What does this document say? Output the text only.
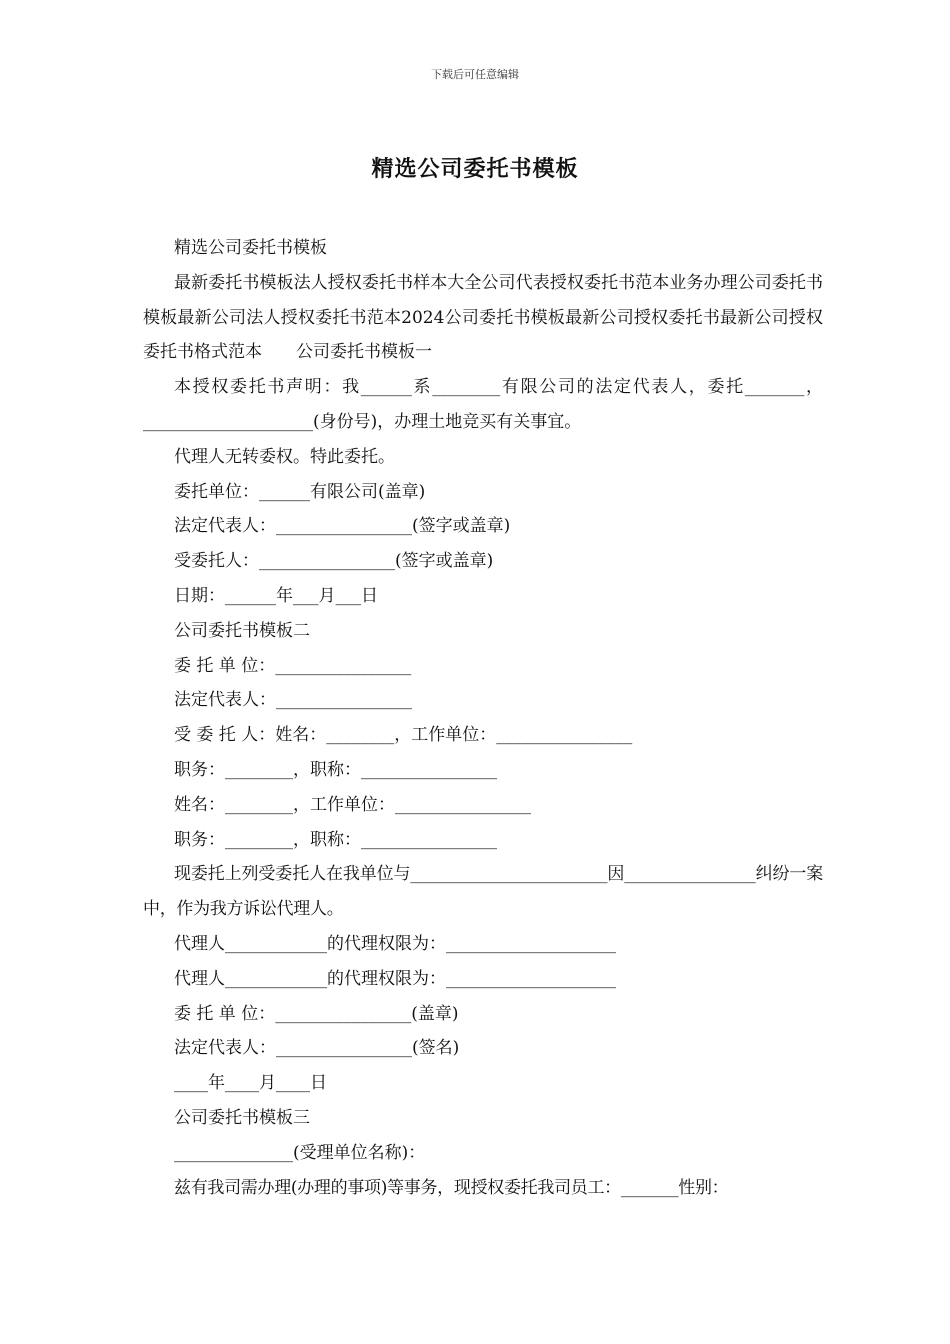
下载后可任意编辑
精选公司委托书模板
精选公司委托书模板
最新委托书模板法人授权委托书样本大全公司代表授权委托书范本业务办理公司委托书模板最新公司法人授权委托书范本2024公司委托书模板最新公司授权委托书最新公司授权委托书格式范本　　公司委托书模板一
本授权委托书声明：我______系________有限公司的法定代表人，委托_______，____________________(身份号)，办理土地竞买有关事宜。
代理人无转委权。特此委托。
委托单位：______有限公司(盖章)
法定代表人：________________(签字或盖章)
受委托人：________________(签字或盖章)
日期：______年___月___日
公司委托书模板二
委 托 单 位：________________
法定代表人：________________
受 委 托 人：姓名：________，工作单位：________________
职务：________，职称：________________
姓名：________，工作单位：________________
职务：________，职称：________________
现委托上列受委托人在我单位与________________________因________________纠纷一案中，作为我方诉讼代理人。
代理人____________的代理权限为：____________________
代理人____________的代理权限为：____________________
委 托 单 位：________________(盖章)
法定代表人：________________(签名)
____年____月____日
公司委托书模板三
______________(受理单位名称)：
兹有我司需办理(办理的事项)等事务，现授权委托我司员工：_______性别：
